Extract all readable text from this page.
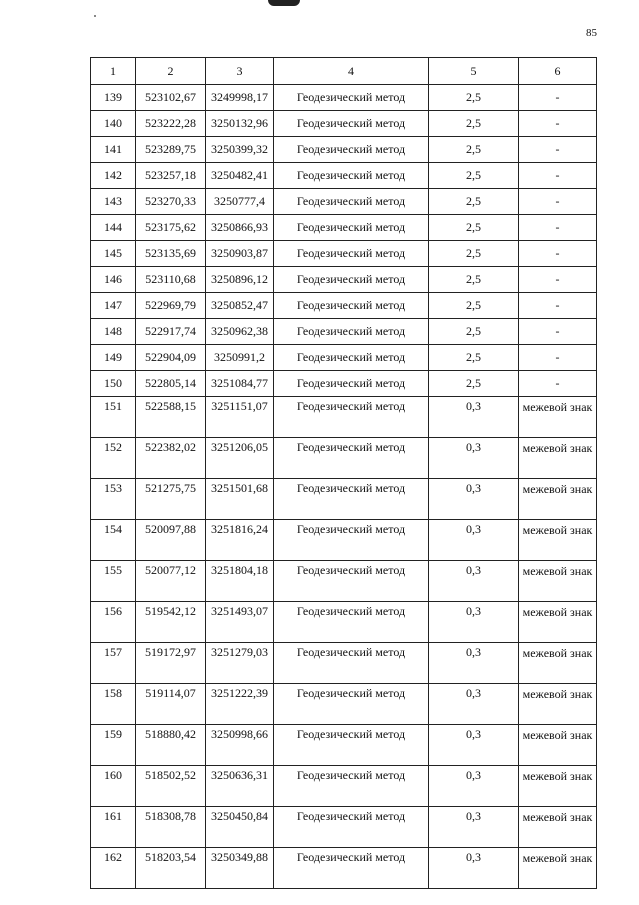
85
1	2	3	4	5	6
139	523102,67	3249998,17	Геодезический метод	2,5	-
140	523222,28	3250132,96	Геодезический метод	2,5	-
141	523289,75	3250399,32	Геодезический метод	2,5	-
142	523257,18	3250482,41	Геодезический метод	2,5	-
143	523270,33	3250777,4	Геодезический метод	2,5	-
144	523175,62	3250866,93	Геодезический метод	2,5	-
145	523135,69	3250903,87	Геодезический метод	2,5	-
146	523110,68	3250896,12	Геодезический метод	2,5	-
147	522969,79	3250852,47	Геодезический метод	2,5	-
148	522917,74	3250962,38	Геодезический метод	2,5	-
149	522904,09	3250991,2	Геодезический метод	2,5	-
150	522805,14	3251084,77	Геодезический метод	2,5	-
151	522588,15	3251151,07	Геодезический метод	0,3	межевой знак
152	522382,02	3251206,05	Геодезический метод	0,3	межевой знак
153	521275,75	3251501,68	Геодезический метод	0,3	межевой знак
154	520097,88	3251816,24	Геодезический метод	0,3	межевой знак
155	520077,12	3251804,18	Геодезический метод	0,3	межевой знак
156	519542,12	3251493,07	Геодезический метод	0,3	межевой знак
157	519172,97	3251279,03	Геодезический метод	0,3	межевой знак
158	519114,07	3251222,39	Геодезический метод	0,3	межевой знак
159	518880,42	3250998,66	Геодезический метод	0,3	межевой знак
160	518502,52	3250636,31	Геодезический метод	0,3	межевой знак
161	518308,78	3250450,84	Геодезический метод	0,3	межевой знак
162	518203,54	3250349,88	Геодезический метод	0,3	межевой знак
